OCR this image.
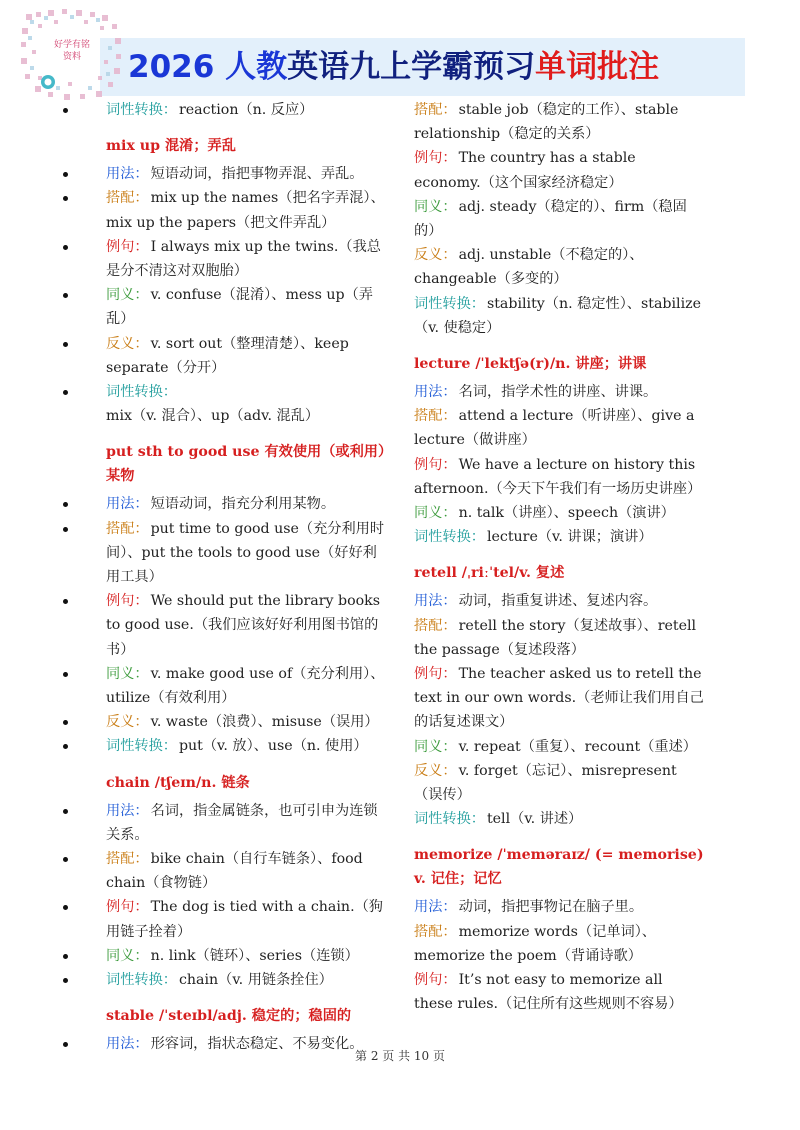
好学有铭
资料	2026 人教英语九上学霸预习单词批注
词性转换： reaction（n. 反应）
mix up 混淆；弄乱
用法： 短语动词，指把事物弄混、弄乱。
搭配： mix up the names（把名字弄混）、mix up the papers（把文件弄乱）
例句： I always mix up the twins.（我总是分不清这对双胞胎）
同义： v. confuse（混淆）、mess up（弄乱）
反义： v. sort out（整理清楚）、keep separate（分开）
词性转换：mix（v. 混合）、up（adv. 混乱）
put sth to good use 有效使用（或利用）某物
用法： 短语动词，指充分利用某物。
搭配： put time to good use（充分利用时间）、put the tools to good use（好好利用工具）
例句： We should put the library books to good use.（我们应该好好利用图书馆的书）
同义： v. make good use of（充分利用）、utilize（有效利用）
反义： v. waste（浪费）、misuse（误用）
词性转换： put（v. 放）、use（n. 使用）
chain /tʃeɪn/n. 链条
用法： 名词，指金属链条，也可引申为连锁关系。
搭配： bike chain（自行车链条）、food chain（食物链）
例句： The dog is tied with a chain.（狗用链子拴着）
同义： n. link（链环）、series（连锁）
词性转换： chain（v. 用链条拴住）
stable /ˈsteɪbl/adj. 稳定的；稳固的
用法： 形容词，指状态稳定、不易变化。
搭配： stable job（稳定的工作）、stable relationship（稳定的关系）
例句： The country has a stable economy.（这个国家经济稳定）
同义： adj. steady（稳定的）、firm（稳固的）
反义： adj. unstable（不稳定的）、changeable（多变的）
词性转换： stability（n. 稳定性）、stabilize（v. 使稳定）
lecture /ˈlektʃə(r)/n. 讲座；讲课
用法： 名词，指学术性的讲座、讲课。
搭配： attend a lecture（听讲座）、give a lecture（做讲座）
例句： We have a lecture on history this afternoon.（今天下午我们有一场历史讲座）
同义： n. talk（讲座）、speech（演讲）
词性转换： lecture（v. 讲课；演讲）
retell /ˌriːˈtel/v. 复述
用法： 动词，指重复讲述、复述内容。
搭配： retell the story（复述故事）、retell the passage（复述段落）
例句： The teacher asked us to retell the text in our own words.（老师让我们用自己的话复述课文）
同义： v. repeat（重复）、recount（重述）
反义： v. forget（忘记）、misrepresent（误传）
词性转换： tell（v. 讲述）
memorize /ˈmeməraɪz/ (= memorise) v. 记住；记忆
用法： 动词，指把事物记在脑子里。
搭配： memorize words（记单词）、memorize the poem（背诵诗歌）
例句： It’s not easy to memorize all these rules.（记住所有这些规则不容易）
第 2 页 共 10 页
